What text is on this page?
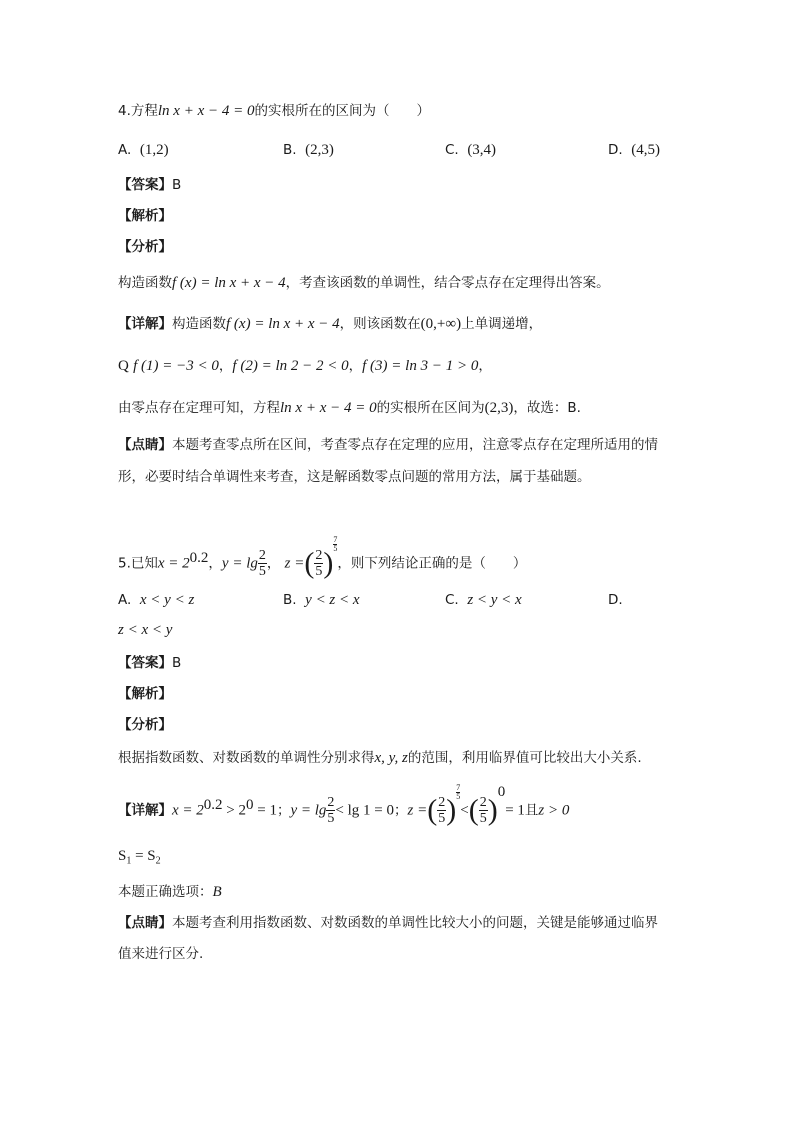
4.方程ln x + x − 4 = 0的实根所在的区间为（　　）
A. (1,2)	B. (2,3)	C. (3,4)	D. (4,5)
【答案】B
【解析】
【分析】
构造函数f (x) = ln x + x − 4，考查该函数的单调性，结合零点存在定理得出答案。
【详解】构造函数f (x) = ln x + x − 4，则该函数在(0,+∞)上单调递增，
Q f (1) = −3 < 0，f (2) = ln 2 − 2 < 0，f (3) = ln 3 − 1 > 0，
由零点存在定理可知，方程ln x + x − 4 = 0的实根所在区间为(2,3)，故选：B.
【点睛】本题考查零点所在区间，考查零点存在定理的应用，注意零点存在定理所适用的情
形，必要时结合单调性来考查，这是解函数零点问题的常用方法，属于基础题。
5.已知$x = 2^{0.2}$，$y = \lg \frac{2}{5}$ ， z =( $\frac{2}{5}$ )
$\frac{7}{5}$
，则下列结论正确的是（　　）
A. x < y < z	B. y < z < x	C. z < y < x	D.
z < x < y
【答案】B
【解析】
【分析】
根据指数函数、对数函数的单调性分别求得x, y, z的范围，利用临界值可比较出大小关系.
【详解】$x = 2^{0.2} > 2^0 = 1$；$y = \lg \frac{2}{5} < \lg 1 = 0$；z =( $\frac{2}{5}$ )
$\frac{7}{5}$
<( $\frac{2}{5} )^0= 1$且z > 0
$S_1 = S_2$
本题正确选项：B
【点睛】本题考查利用指数函数、对数函数的单调性比较大小的问题，关键是能够通过临界
值来进行区分.
